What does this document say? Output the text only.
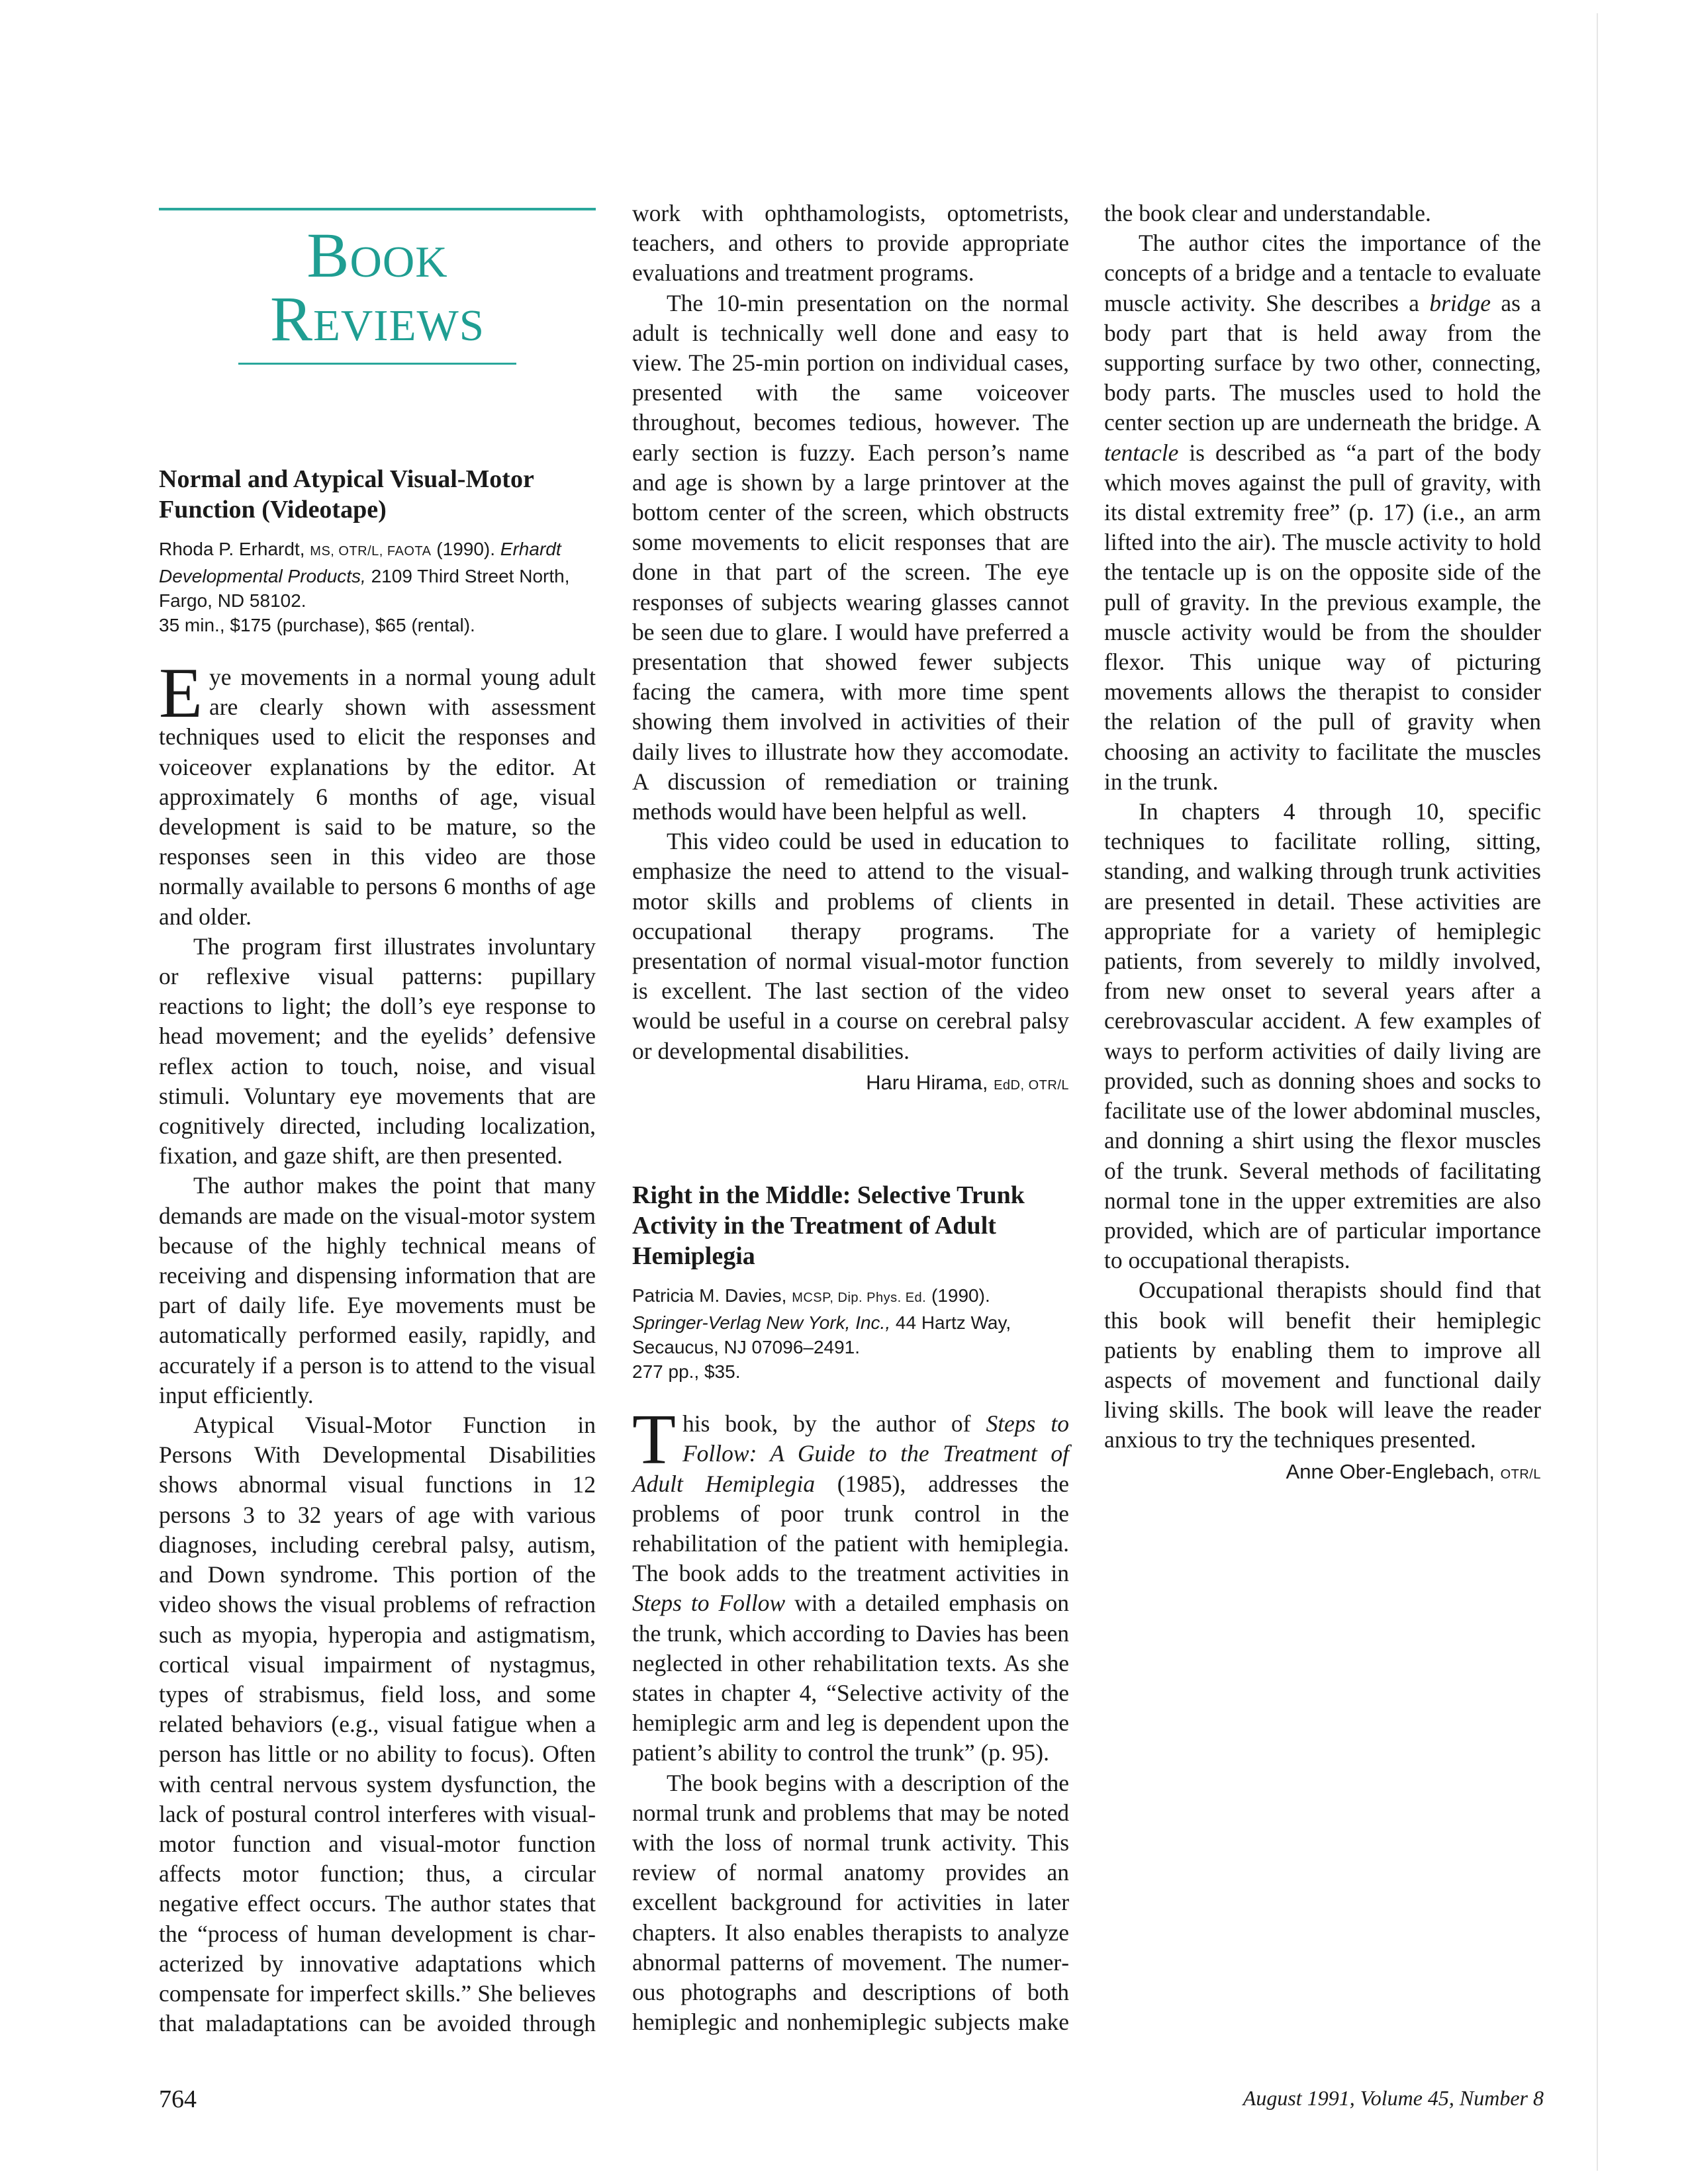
Book
Reviews
Normal and Atypical Visual-Motor Function (Videotape)
Rhoda P. Erhardt, MS, OTR/L, FAOTA (1990). Erhardt Developmental Products, 2109 Third Street North, Fargo, ND 58102.
35 min., $175 (purchase), $65 (rental).

Eye movements in a normal young adult are clearly shown with assessment techniques used to elicit the responses and voiceover explanations by the editor. At approximately 6 months of age, visual development is said to be mature, so the responses seen in this video are those normally available to persons 6 months of age and older.

The program first illustrates involuntary or reflexive visual patterns: pupillary reactions to light; the doll’s eye response to head movement; and the eyelids’ defensive reflex action to touch, noise, and visual stimuli. Voluntary eye movements that are cognitively directed, including localization, fixation, and gaze shift, are then presented.

The author makes the point that many demands are made on the visual-motor system because of the highly technical means of receiving and dispensing information that are part of daily life. Eye movements must be automatically performed easily, rapidly, and accurately if a person is to attend to the visual input efficiently.

Atypical Visual-Motor Function in Persons With Developmental Disabilities shows abnormal visual functions in 12 persons 3 to 32 years of age with various diagnoses, including cerebral palsy, autism, and Down syndrome. This portion of the video shows the visual problems of refraction such as myopia, hyperopia and astigmatism, cortical visual impairment of nystagmus, types of strabismus, field loss, and some related behaviors (e.g., visual fatigue when a person has little or no ability to focus). Often with central nervous system dysfunction, the lack of postural control interferes with visual-motor function and visual-motor function affects motor function; thus, a circular negative effect occurs. The author states that the “process of human development is characterized by innovative adaptations which compensate for imperfect skills.” She believes that maladaptations can be avoided through

work with ophthamologists, optometrists, teachers, and others to provide appropriate evaluations and treatment programs.

The 10-min presentation on the normal adult is technically well done and easy to view. The 25-min portion on individual cases, presented with the same voiceover throughout, becomes tedious, however. The early section is fuzzy. Each person’s name and age is shown by a large printover at the bottom center of the screen, which obstructs some movements to elicit responses that are done in that part of the screen. The eye responses of subjects wearing glasses cannot be seen due to glare. I would have preferred a presentation that showed fewer subjects facing the camera, with more time spent showing them involved in activities of their daily lives to illustrate how they accomodate. A discussion of remediation or training methods would have been helpful as well.

This video could be used in education to emphasize the need to attend to the visual-motor skills and problems of clients in occupational therapy programs. The presentation of normal visual-motor function is excellent. The last section of the video would be useful in a course on cerebral palsy or developmental disabilities.

Haru Hirama, EdD, OTR/L

Right in the Middle: Selective Trunk Activity in the Treatment of Adult Hemiplegia
Patricia M. Davies, MCSP, Dip. Phys. Ed. (1990). Springer-Verlag New York, Inc., 44 Hartz Way, Secaucus, NJ 07096–2491.
277 pp., $35.

This book, by the author of Steps to Follow: A Guide to the Treatment of Adult Hemiplegia (1985), addresses the problems of poor trunk control in the rehabilitation of the patient with hemiplegia. The book adds to the treatment activities in Steps to Follow with a detailed emphasis on the trunk, which according to Davies has been neglected in other rehabilitation texts. As she states in chapter 4, “Selective activity of the hemiplegic arm and leg is dependent upon the patient’s ability to control the trunk” (p. 95).

The book begins with a description of the normal trunk and problems that may be noted with the loss of normal trunk activity. This review of normal anatomy provides an excellent background for activities in later chapters. It also enables therapists to analyze abnormal patterns of movement. The numerous photographs and descriptions of both hemiplegic and nonhemiplegic subjects make

the book clear and understandable.

The author cites the importance of the concepts of a bridge and a tentacle to evaluate muscle activity. She describes a bridge as a body part that is held away from the supporting surface by two other, connecting, body parts. The muscles used to hold the center section up are underneath the bridge. A tentacle is described as “a part of the body which moves against the pull of gravity, with its distal extremity free” (p. 17) (i.e., an arm lifted into the air). The muscle activity to hold the tentacle up is on the opposite side of the pull of gravity. In the previous example, the muscle activity would be from the shoulder flexor. This unique way of picturing movements allows the therapist to consider the relation of the pull of gravity when choosing an activity to facilitate the muscles in the trunk.

In chapters 4 through 10, specific techniques to facilitate rolling, sitting, standing, and walking through trunk activities are presented in detail. These activities are appropriate for a variety of hemiplegic patients, from severely to mildly involved, from new onset to several years after a cerebrovascular accident. A few examples of ways to perform activities of daily living are provided, such as donning shoes and socks to facilitate use of the lower abdominal muscles, and donning a shirt using the flexor muscles of the trunk. Several methods of facilitating normal tone in the upper extremities are also provided, which are of particular importance to occupational therapists.

Occupational therapists should find that this book will benefit their hemiplegic patients by enabling them to improve all aspects of movement and functional daily living skills. The book will leave the reader anxious to try the techniques presented.

Anne Ober-Englebach, OTR/L

764	August 1991, Volume 45, Number 8
